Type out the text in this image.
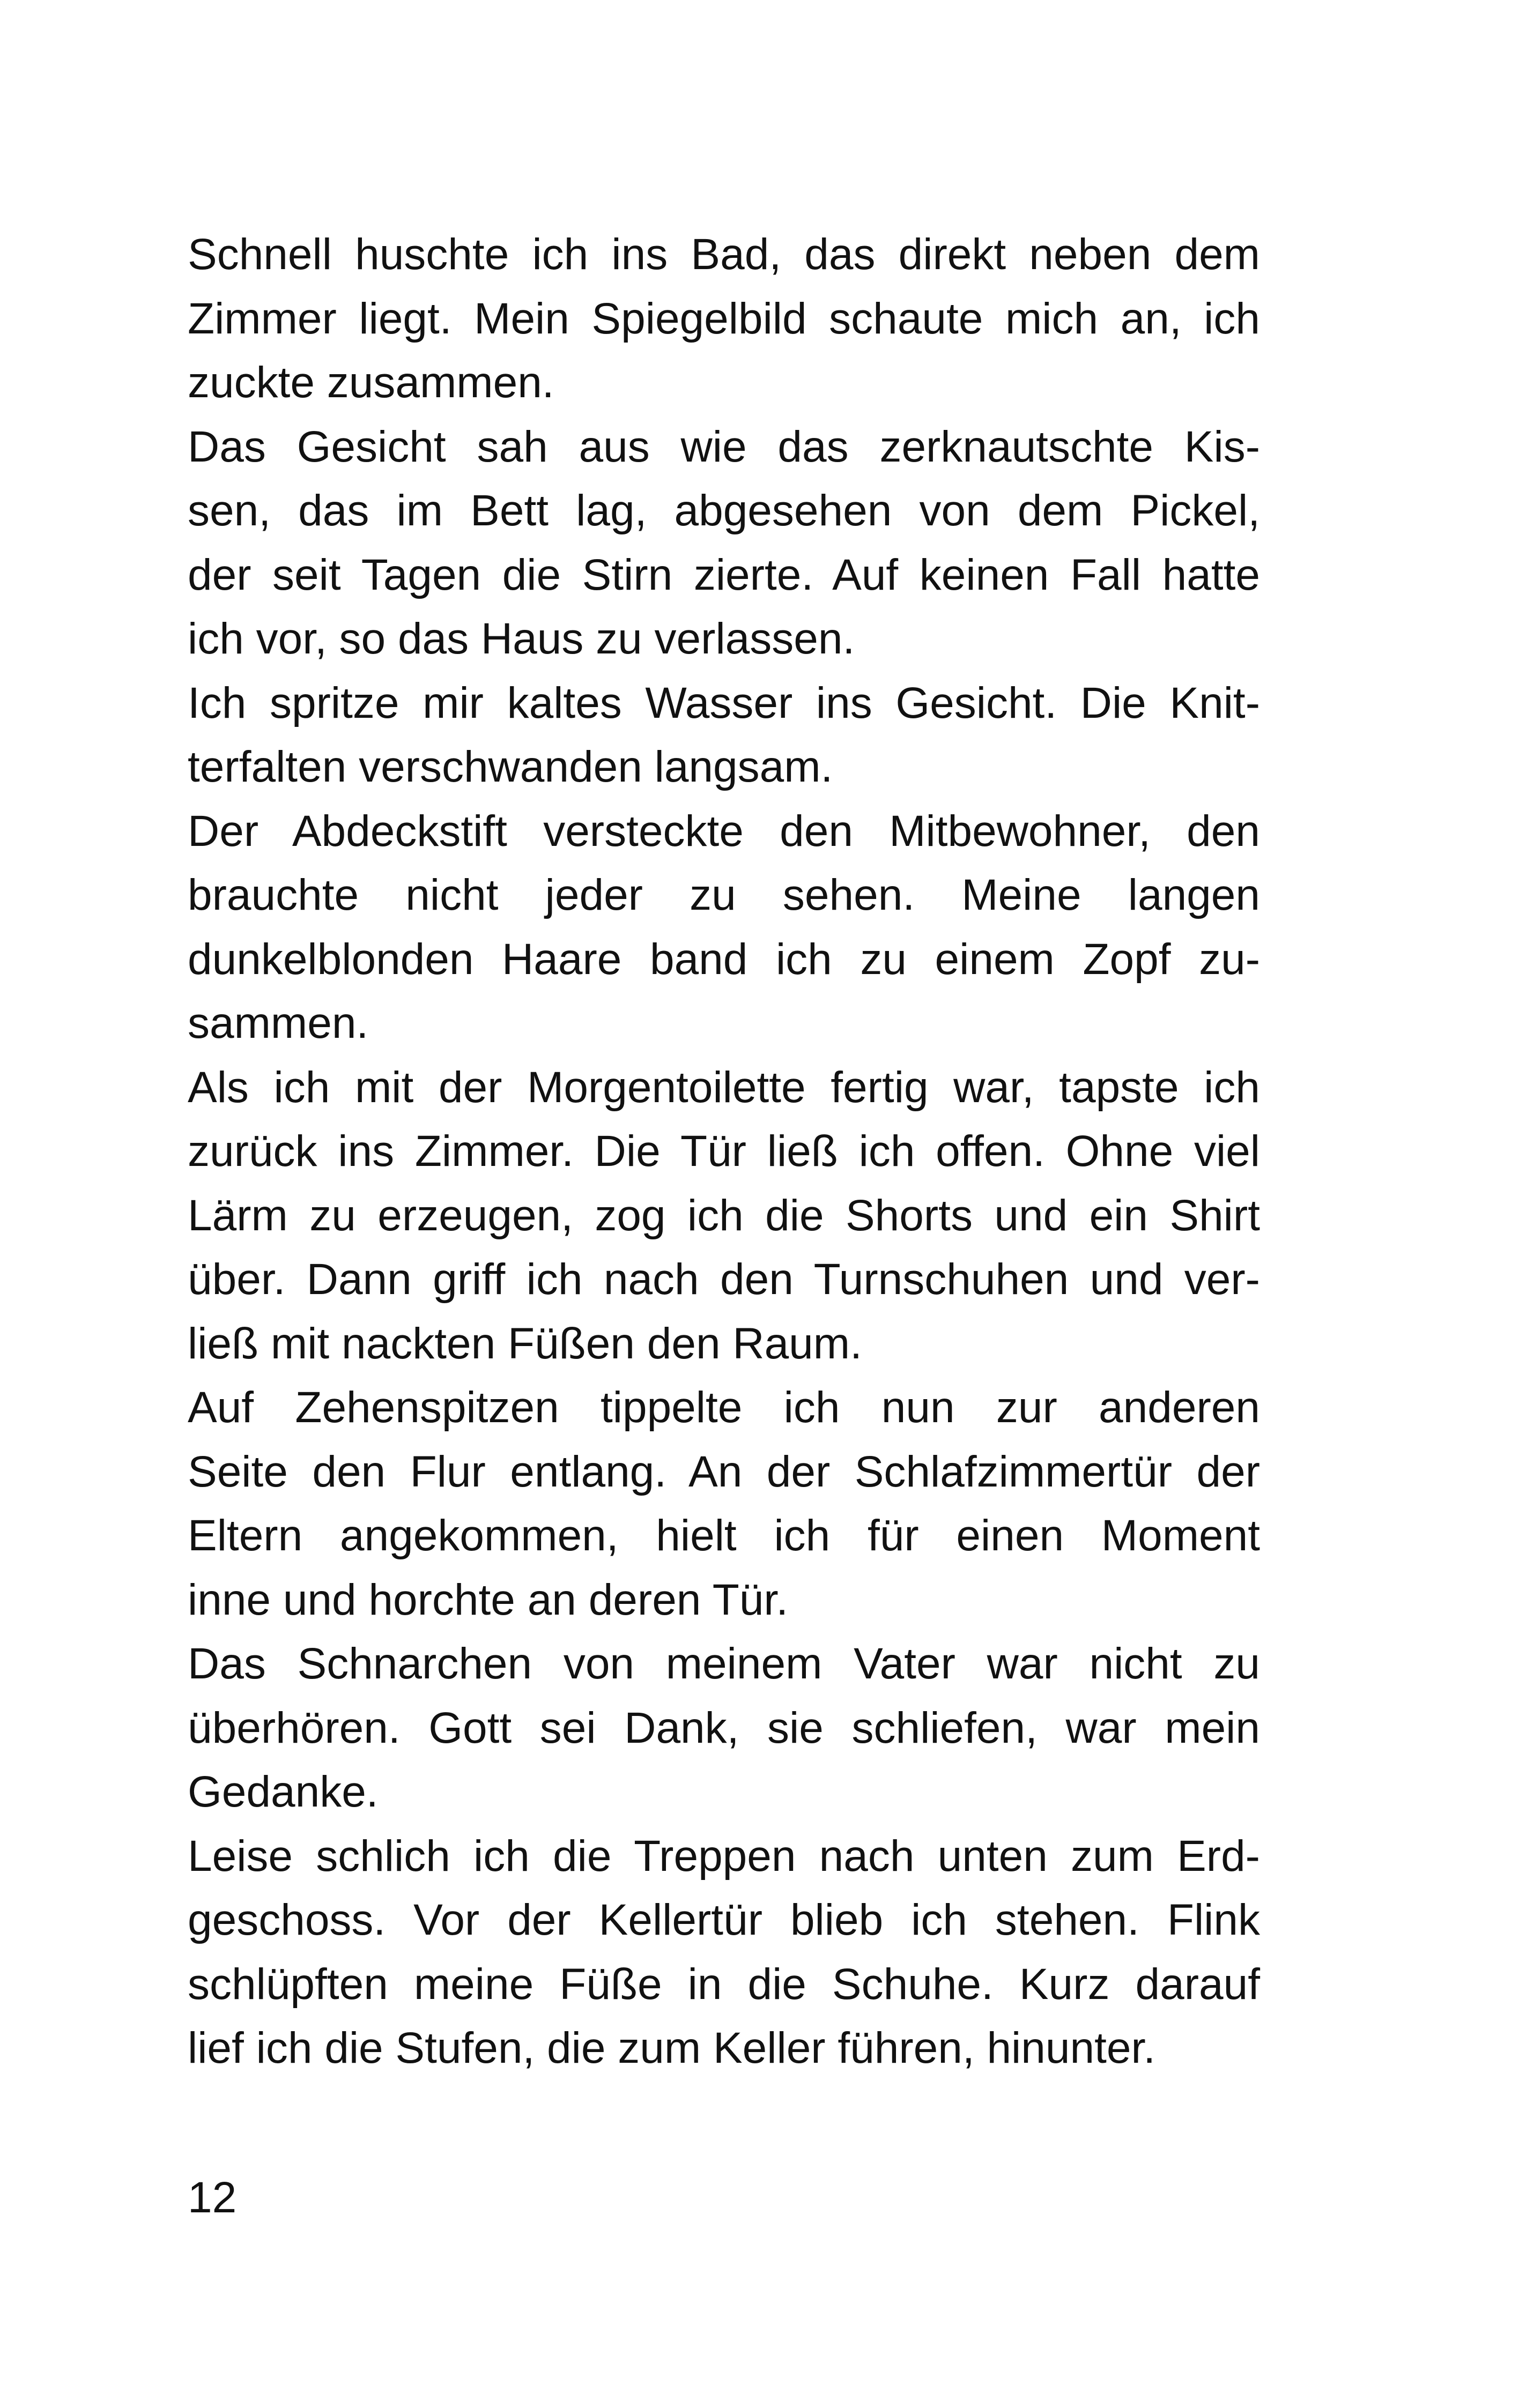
Schnell huschte ich ins Bad, das direkt neben dem
Zimmer liegt. Mein Spiegelbild schaute mich an, ich
zuckte zusammen.
Das Gesicht sah aus wie das zerknautschte Kis-
sen, das im Bett lag, abgesehen von dem Pickel,
der seit Tagen die Stirn zierte. Auf keinen Fall hatte
ich vor, so das Haus zu verlassen.
Ich spritze mir kaltes Wasser ins Gesicht. Die Knit-
terfalten verschwanden langsam.
Der Abdeckstift versteckte den Mitbewohner, den
brauchte nicht jeder zu sehen. Meine langen
dunkelblonden Haare band ich zu einem Zopf zu-
sammen.
Als ich mit der Morgentoilette fertig war, tapste ich
zurück ins Zimmer. Die Tür ließ ich offen. Ohne viel
Lärm zu erzeugen, zog ich die Shorts und ein Shirt
über. Dann griff ich nach den Turnschuhen und ver-
ließ mit nackten Füßen den Raum.
Auf Zehenspitzen tippelte ich nun zur anderen
Seite den Flur entlang. An der Schlafzimmertür der
Eltern angekommen, hielt ich für einen Moment
inne und horchte an deren Tür.
Das Schnarchen von meinem Vater war nicht zu
überhören. Gott sei Dank, sie schliefen, war mein
Gedanke.
Leise schlich ich die Treppen nach unten zum Erd-
geschoss. Vor der Kellertür blieb ich stehen. Flink
schlüpften meine Füße in die Schuhe. Kurz darauf
lief ich die Stufen, die zum Keller führen, hinunter.
12
